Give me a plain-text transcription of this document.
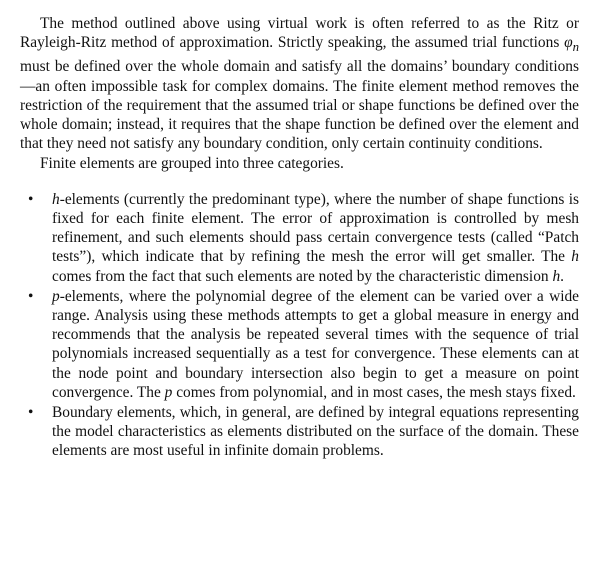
The method outlined above using virtual work is often referred to as the Ritz or Rayleigh-Ritz method of approximation. Strictly speaking, the assumed trial functions $\varphi_n$ must be defined over the whole domain and satisfy all the domains’ boundary conditions—an often impossible task for complex domains. The finite element method removes the restriction of the requirement that the assumed trial or shape functions be defined over the whole domain; instead, it requires that the shape function be defined over the element and that they need not satisfy any boundary condition, only certain continuity conditions.

Finite elements are grouped into three categories.

• h-elements (currently the predominant type), where the number of shape functions is fixed for each finite element. The error of approximation is controlled by mesh refinement, and such elements should pass certain convergence tests (called “Patch tests”), which indicate that by refining the mesh the error will get smaller. The h comes from the fact that such elements are noted by the characteristic dimension h.
• p-elements, where the polynomial degree of the element can be varied over a wide range. Analysis using these methods attempts to get a global measure in energy and recommends that the analysis be repeated several times with the sequence of trial polynomials increased sequentially as a test for convergence. These elements can at the node point and boundary intersection also begin to get a measure on point convergence. The p comes from polynomial, and in most cases, the mesh stays fixed.
• Boundary elements, which, in general, are defined by integral equations representing the model characteristics as elements distributed on the surface of the domain. These elements are most useful in infinite domain problems.
